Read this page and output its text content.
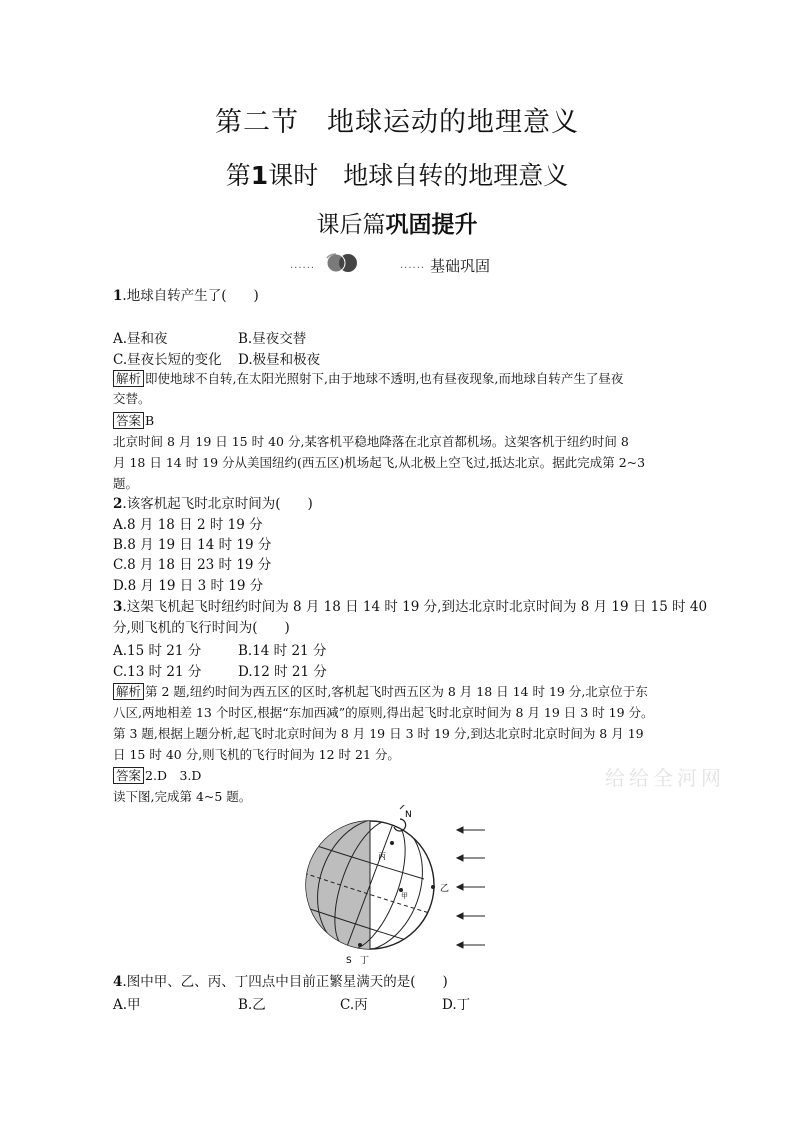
第二节　地球运动的地理意义
第1课时　地球自转的地理意义
课后篇巩固提升
······	······ 基础巩固
1.地球自转产生了(　　)
A.昼和夜	B.昼夜交替
C.昼夜长短的变化 D.极昼和极夜
解析 即使地球不自转,在太阳光照射下,由于地球不透明,也有昼夜现象,而地球自转产生了昼夜
交替。
答案 B
北京时间 8 月 19 日 15 时 40 分,某客机平稳地降落在北京首都机场。这架客机于纽约时间 8
月 18 日 14 时 19 分从美国纽约(西五区)机场起飞,从北极上空飞过,抵达北京。据此完成第 2~3
题。
2.该客机起飞时北京时间为(　　)
A.8 月 18 日 2 时 19 分
B.8 月 19 日 14 时 19 分
C.8 月 18 日 23 时 19 分
D.8 月 19 日 3 时 19 分
3.这架飞机起飞时纽约时间为 8 月 18 日 14 时 19 分,到达北京时北京时间为 8 月 19 日 15 时 40
分,则飞机的飞行时间为(　　)
A.15 时 21 分	B.14 时 21 分
C.13 时 21 分	D.12 时 21 分
解析 第 2 题,纽约时间为西五区的区时,客机起飞时西五区为 8 月 18 日 14 时 19 分,北京位于东
八区,两地相差 13 个时区,根据“东加西减”的原则,得出起飞时北京时间为 8 月 19 日 3 时 19 分。
第 3 题,根据上题分析,起飞时北京时间为 8 月 19 日 3 时 19 分,到达北京时北京时间为 8 月 19
日 15 时 40 分,则飞机的飞行时间为 12 时 21 分。
答案 2.D　3.D	给给全河网
读下图,完成第 4~5 题。
N
丙
甲
乙
S 丁
4.图中甲、乙、丙、丁四点中目前正繁星满天的是(　　)
A.甲	B.乙	C.丙	D.丁
